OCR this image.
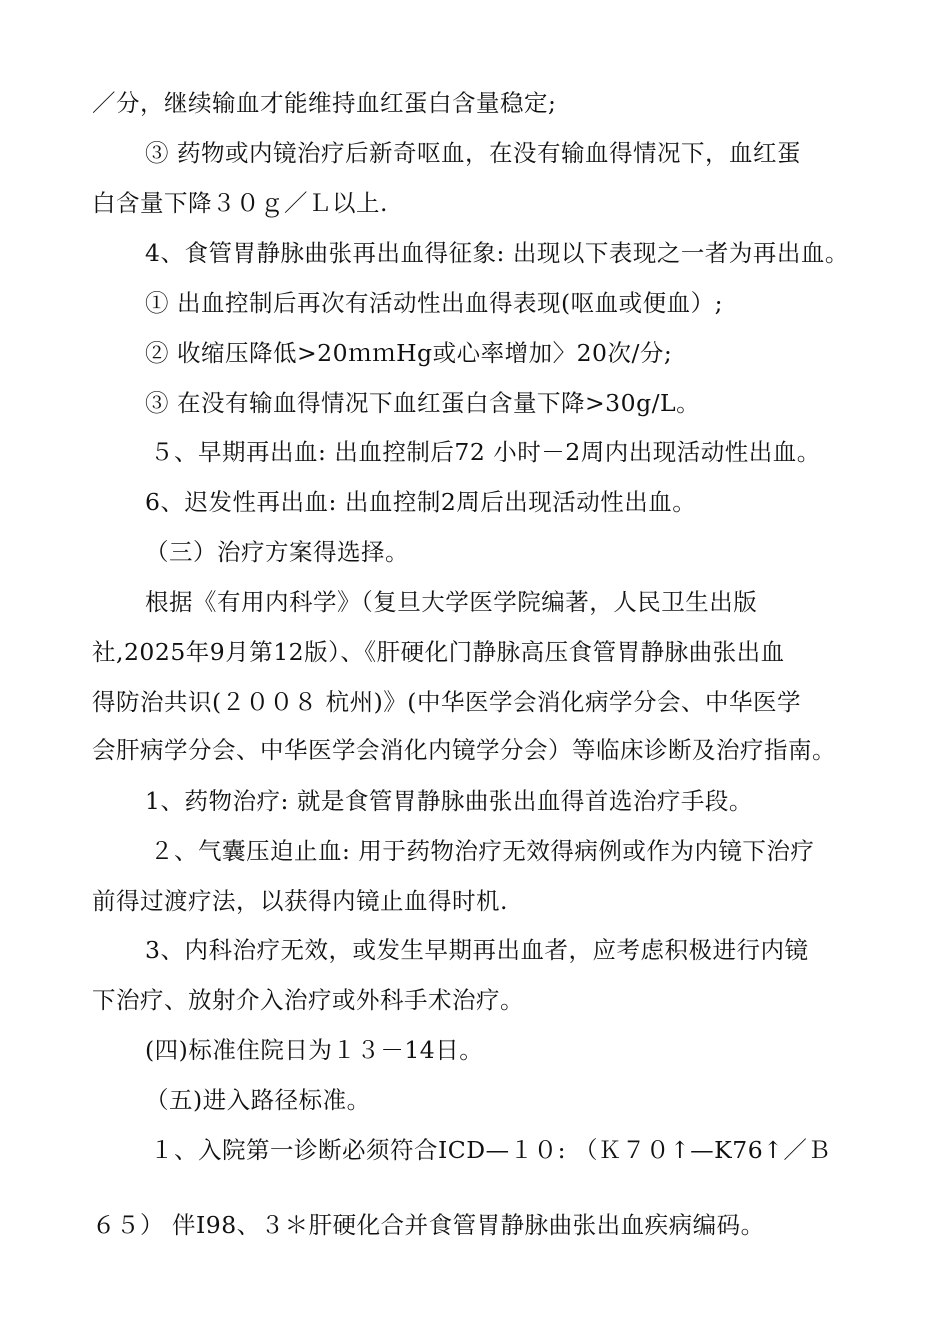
／分，继续输血才能维持血红蛋白含量稳定;
③ 药物或内镜治疗后新奇呕血，在没有输血得情况下，血红蛋
白含量下降３０ｇ／Ｌ以上.
4、食管胃静脉曲张再出血得征象: 出现以下表现之一者为再出血。
① 出血控制后再次有活动性出血得表现(呕血或便血）;
② 收缩压降低>20ｍｍHg或心率增加〉20次/分;
③ 在没有输血得情况下血红蛋白含量下降>30g/L。
５、早期再出血: 出血控制后72 小时－2周内出现活动性出血。
6、迟发性再出血: 出血控制2周后出现活动性出血。
（三）治疗方案得选择。
根据《有用内科学》（复旦大学医学院编著，人民卫生出版
社,2025年9月第12版）、《肝硬化门静脉高压食管胃静脉曲张出血
得防治共识(２００８ 杭州)》(中华医学会消化病学分会、中华医学
会肝病学分会、中华医学会消化内镜学分会）等临床诊断及治疗指南。
1、药物治疗: 就是食管胃静脉曲张出血得首选治疗手段。
２、气囊压迫止血: 用于药物治疗无效得病例或作为内镜下治疗
前得过渡疗法，以获得内镜止血得时机.
3、内科治疗无效，或发生早期再出血者，应考虑积极进行内镜
下治疗、放射介入治疗或外科手术治疗。
(四)标准住院日为１３－14日。
（五)进入路径标准。
１、入院第一诊断必须符合ICD—１０: （Ｋ７０↑—K76↑／Ｂ
６５） 伴I98、３＊肝硬化合并食管胃静脉曲张出血疾病编码。
